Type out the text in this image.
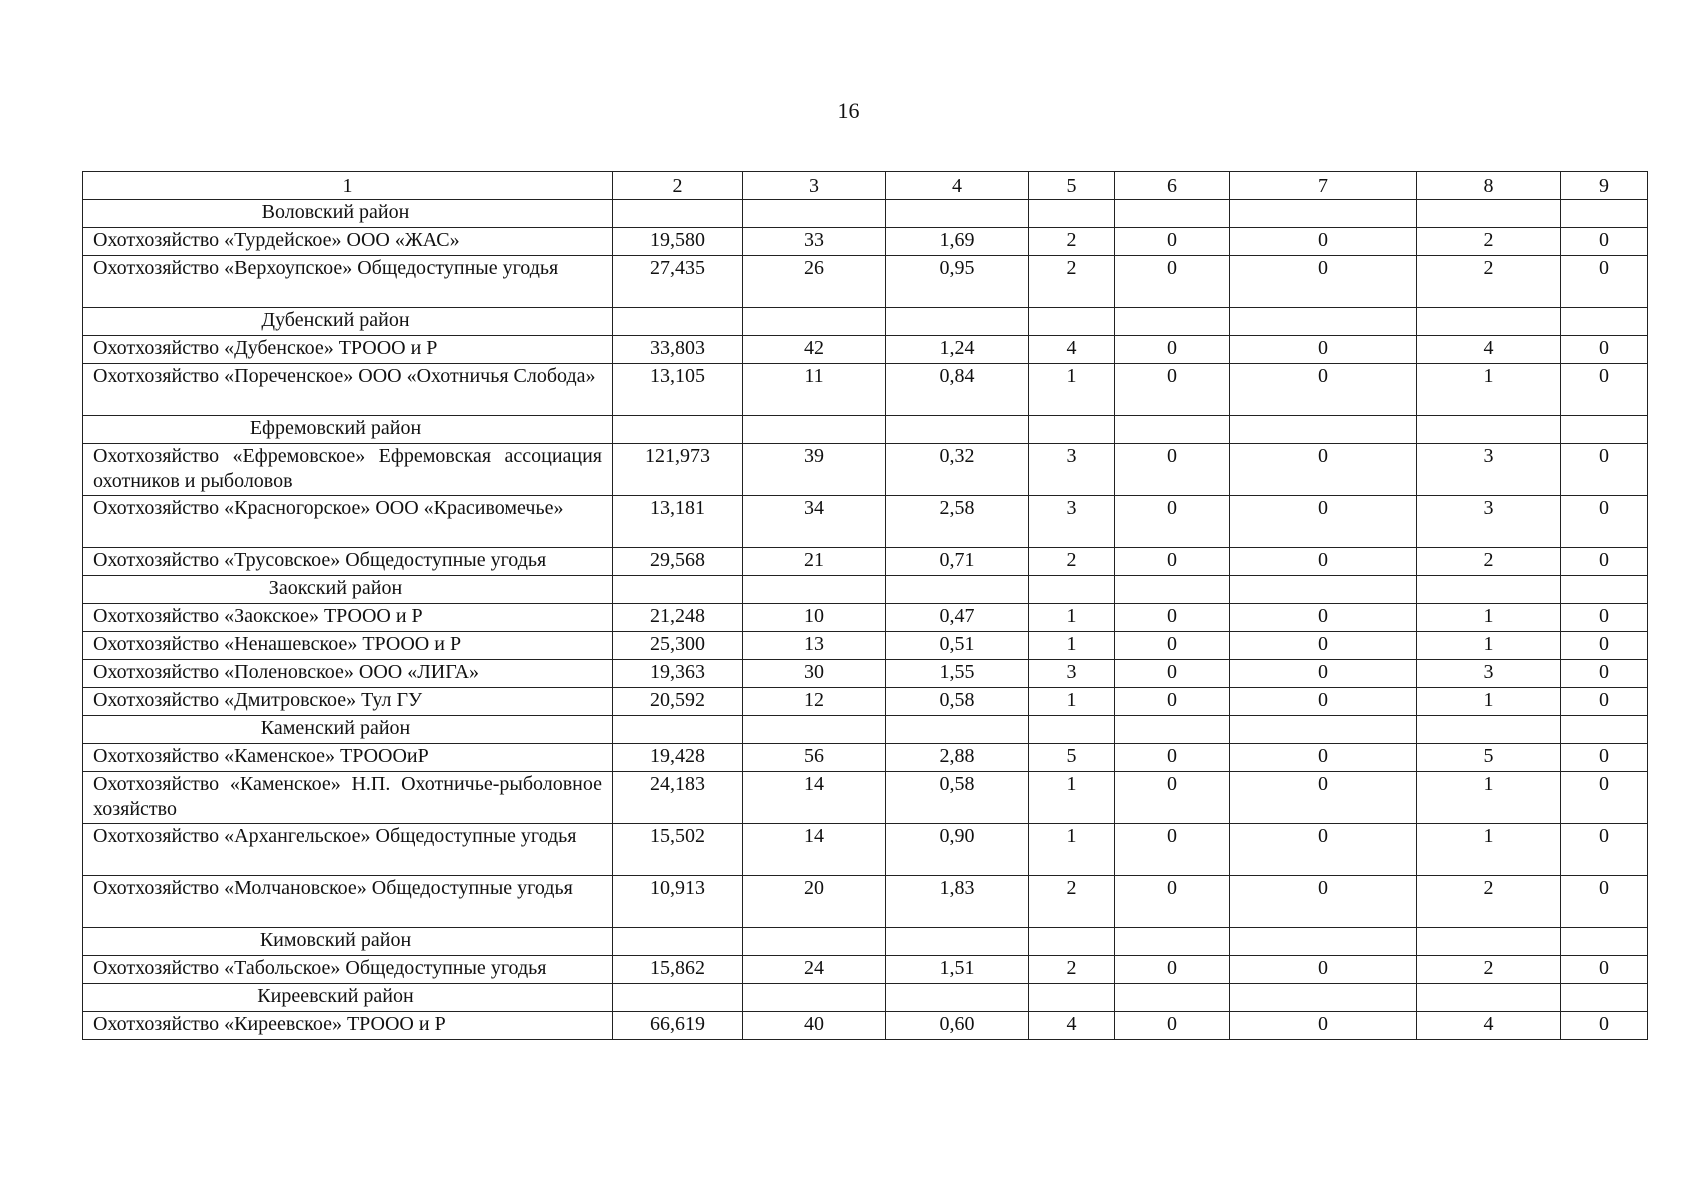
16
1	2	3	4	5	6	7	8	9
Воловский район								
Охотхозяйство «Турдейское» ООО «ЖАС»	19,580	33	1,69	2	0	0	2	0
Охотхозяйство «Верхоупское» Общедоступные угодья	27,435	26	0,95	2	0	0	2	0
Дубенский район								
Охотхозяйство «Дубенское» ТРООО и Р	33,803	42	1,24	4	0	0	4	0
Охотхозяйство «Пореченское» ООО «Охотничья Слобода»	13,105	11	0,84	1	0	0	1	0
Ефремовский район								
Охотхозяйство «Ефремовское» Ефремовская ассоциация охотников и рыболовов	121,973	39	0,32	3	0	0	3	0
Охотхозяйство «Красногорское» ООО «Красивомечье»	13,181	34	2,58	3	0	0	3	0
Охотхозяйство «Трусовское» Общедоступные угодья	29,568	21	0,71	2	0	0	2	0
Заокский район								
Охотхозяйство «Заокское» ТРООО и Р	21,248	10	0,47	1	0	0	1	0
Охотхозяйство «Ненашевское» ТРООО и Р	25,300	13	0,51	1	0	0	1	0
Охотхозяйство «Поленовское» ООО «ЛИГА»	19,363	30	1,55	3	0	0	3	0
Охотхозяйство «Дмитровское» Тул ГУ	20,592	12	0,58	1	0	0	1	0
Каменский район								
Охотхозяйство «Каменское» ТРОООиР	19,428	56	2,88	5	0	0	5	0
Охотхозяйство «Каменское» Н.П. Охотничье-рыболовное хозяйство	24,183	14	0,58	1	0	0	1	0
Охотхозяйство «Архангельское» Общедоступные угодья	15,502	14	0,90	1	0	0	1	0
Охотхозяйство «Молчановское» Общедоступные угодья	10,913	20	1,83	2	0	0	2	0
Кимовский район								
Охотхозяйство «Табольское» Общедоступные угодья	15,862	24	1,51	2	0	0	2	0
Киреевский район								
Охотхозяйство «Киреевское» ТРООО и Р	66,619	40	0,60	4	0	0	4	0
